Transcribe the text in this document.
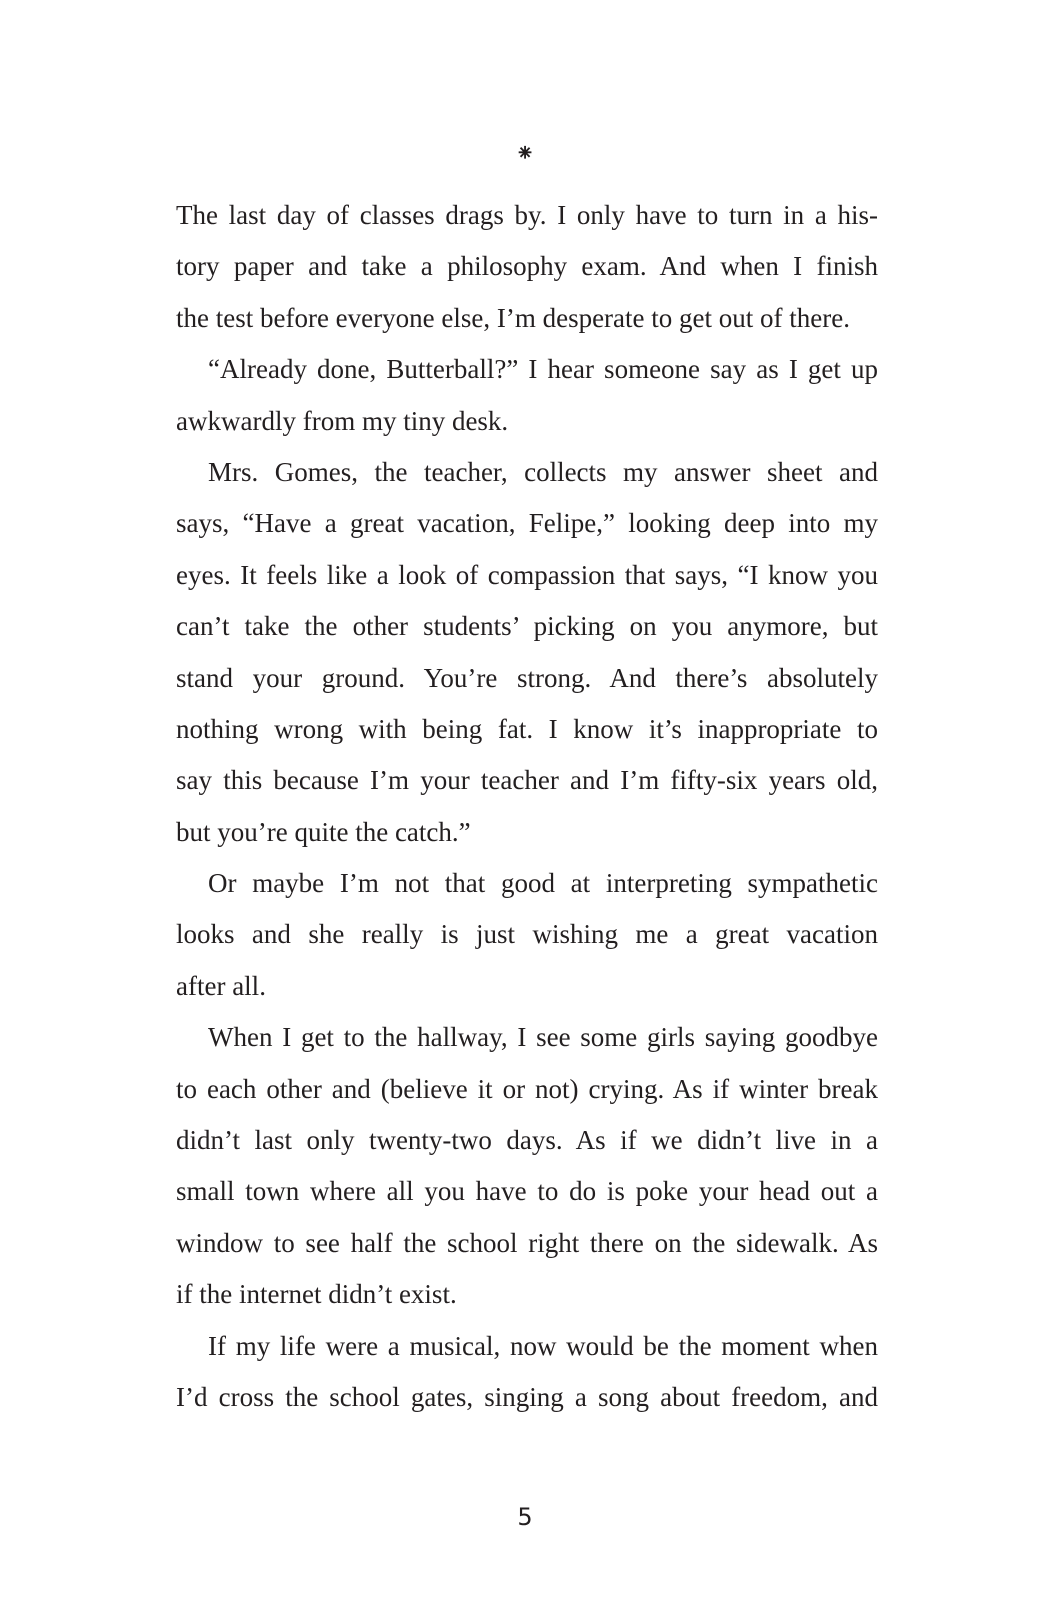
⁕
The last day of classes drags by. I only have to turn in a his-
tory paper and take a philosophy exam. And when I finish
the test before everyone else, I’m desperate to get out of there.
“Already done, Butterball?” I hear someone say as I get up
awkwardly from my tiny desk.
Mrs. Gomes, the teacher, collects my answer sheet and
says, “Have a great vacation, Felipe,” looking deep into my
eyes. It feels like a look of compassion that says, “I know you
can’t take the other students’ picking on you anymore, but
stand your ground. You’re strong. And there’s absolutely
nothing wrong with being fat. I know it’s inappropriate to
say this because I’m your teacher and I’m fifty-six years old,
but you’re quite the catch.”
Or maybe I’m not that good at interpreting sympathetic
looks and she really is just wishing me a great vacation
after all.
When I get to the hallway, I see some girls saying goodbye
to each other and (believe it or not) crying. As if winter break
didn’t last only twenty-two days. As if we didn’t live in a
small town where all you have to do is poke your head out a
window to see half the school right there on the sidewalk. As
if the internet didn’t exist.
If my life were a musical, now would be the moment when
I’d cross the school gates, singing a song about freedom, and
5
